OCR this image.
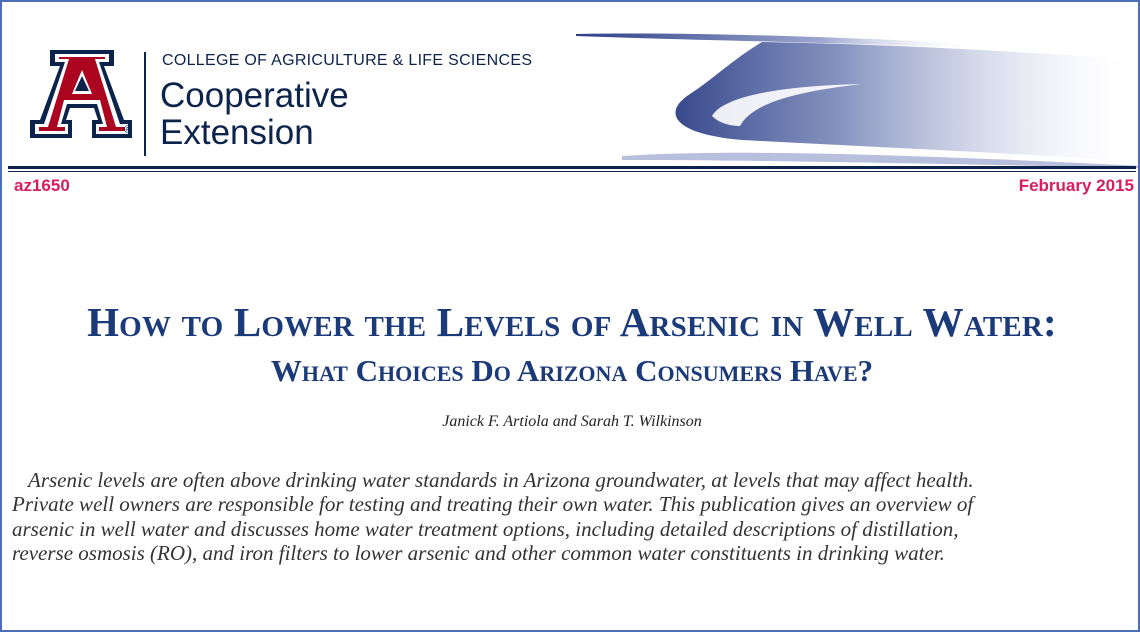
®
COLLEGE OF AGRICULTURE & LIFE SCIENCES
Cooperative
Extension
az1650	February 2015
How to Lower the Levels of Arsenic in Well Water:
What Choices Do Arizona Consumers Have?
Janick F. Artiola and Sarah T. Wilkinson
Arsenic levels are often above drinking water standards in Arizona groundwater, at levels that may affect health.
Private well owners are responsible for testing and treating their own water. This publication gives an overview of
arsenic in well water and discusses home water treatment options, including detailed descriptions of distillation,
reverse osmosis (RO), and iron filters to lower arsenic and other common water constituents in drinking water.
